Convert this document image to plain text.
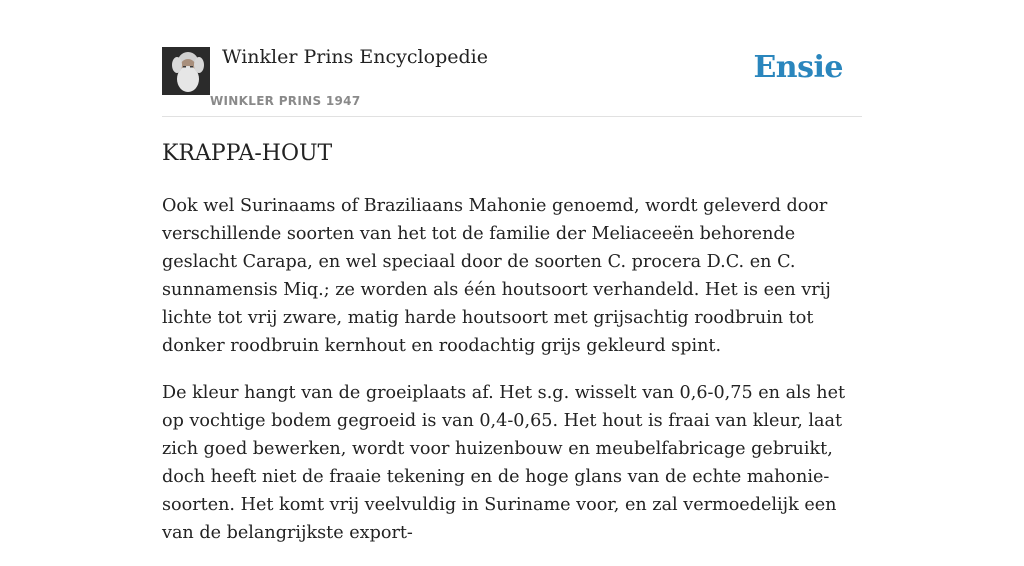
Winkler Prins Encyclopedie
WINKLER PRINS 1947
Ensie
KRAPPA-HOUT

Ook wel Surinaams of Braziliaans Mahonie genoemd, wordt geleverd door verschillende soorten van het tot de familie der Meliaceeën behorende geslacht Carapa, en wel speciaal door de soorten C. procera D.C. en C. sunnamensis Miq.; ze worden als één houtsoort verhandeld. Het is een vrij lichte tot vrij zware, matig harde houtsoort met grijsachtig roodbruin tot donker roodbruin kernhout en roodachtig grijs gekleurd spint.

De kleur hangt van de groeiplaats af. Het s.g. wisselt van 0,6-0,75 en als het op vochtige bodem gegroeid is van 0,4-0,65. Het hout is fraai van kleur, laat zich goed bewerken, wordt voor huizenbouw en meubelfabricage gebruikt, doch heeft niet de fraaie tekening en de hoge glans van de echte mahonie-soorten. Het komt vrij veelvuldig in Suriname voor, en zal vermoedelijk een van de belangrijkste export-
